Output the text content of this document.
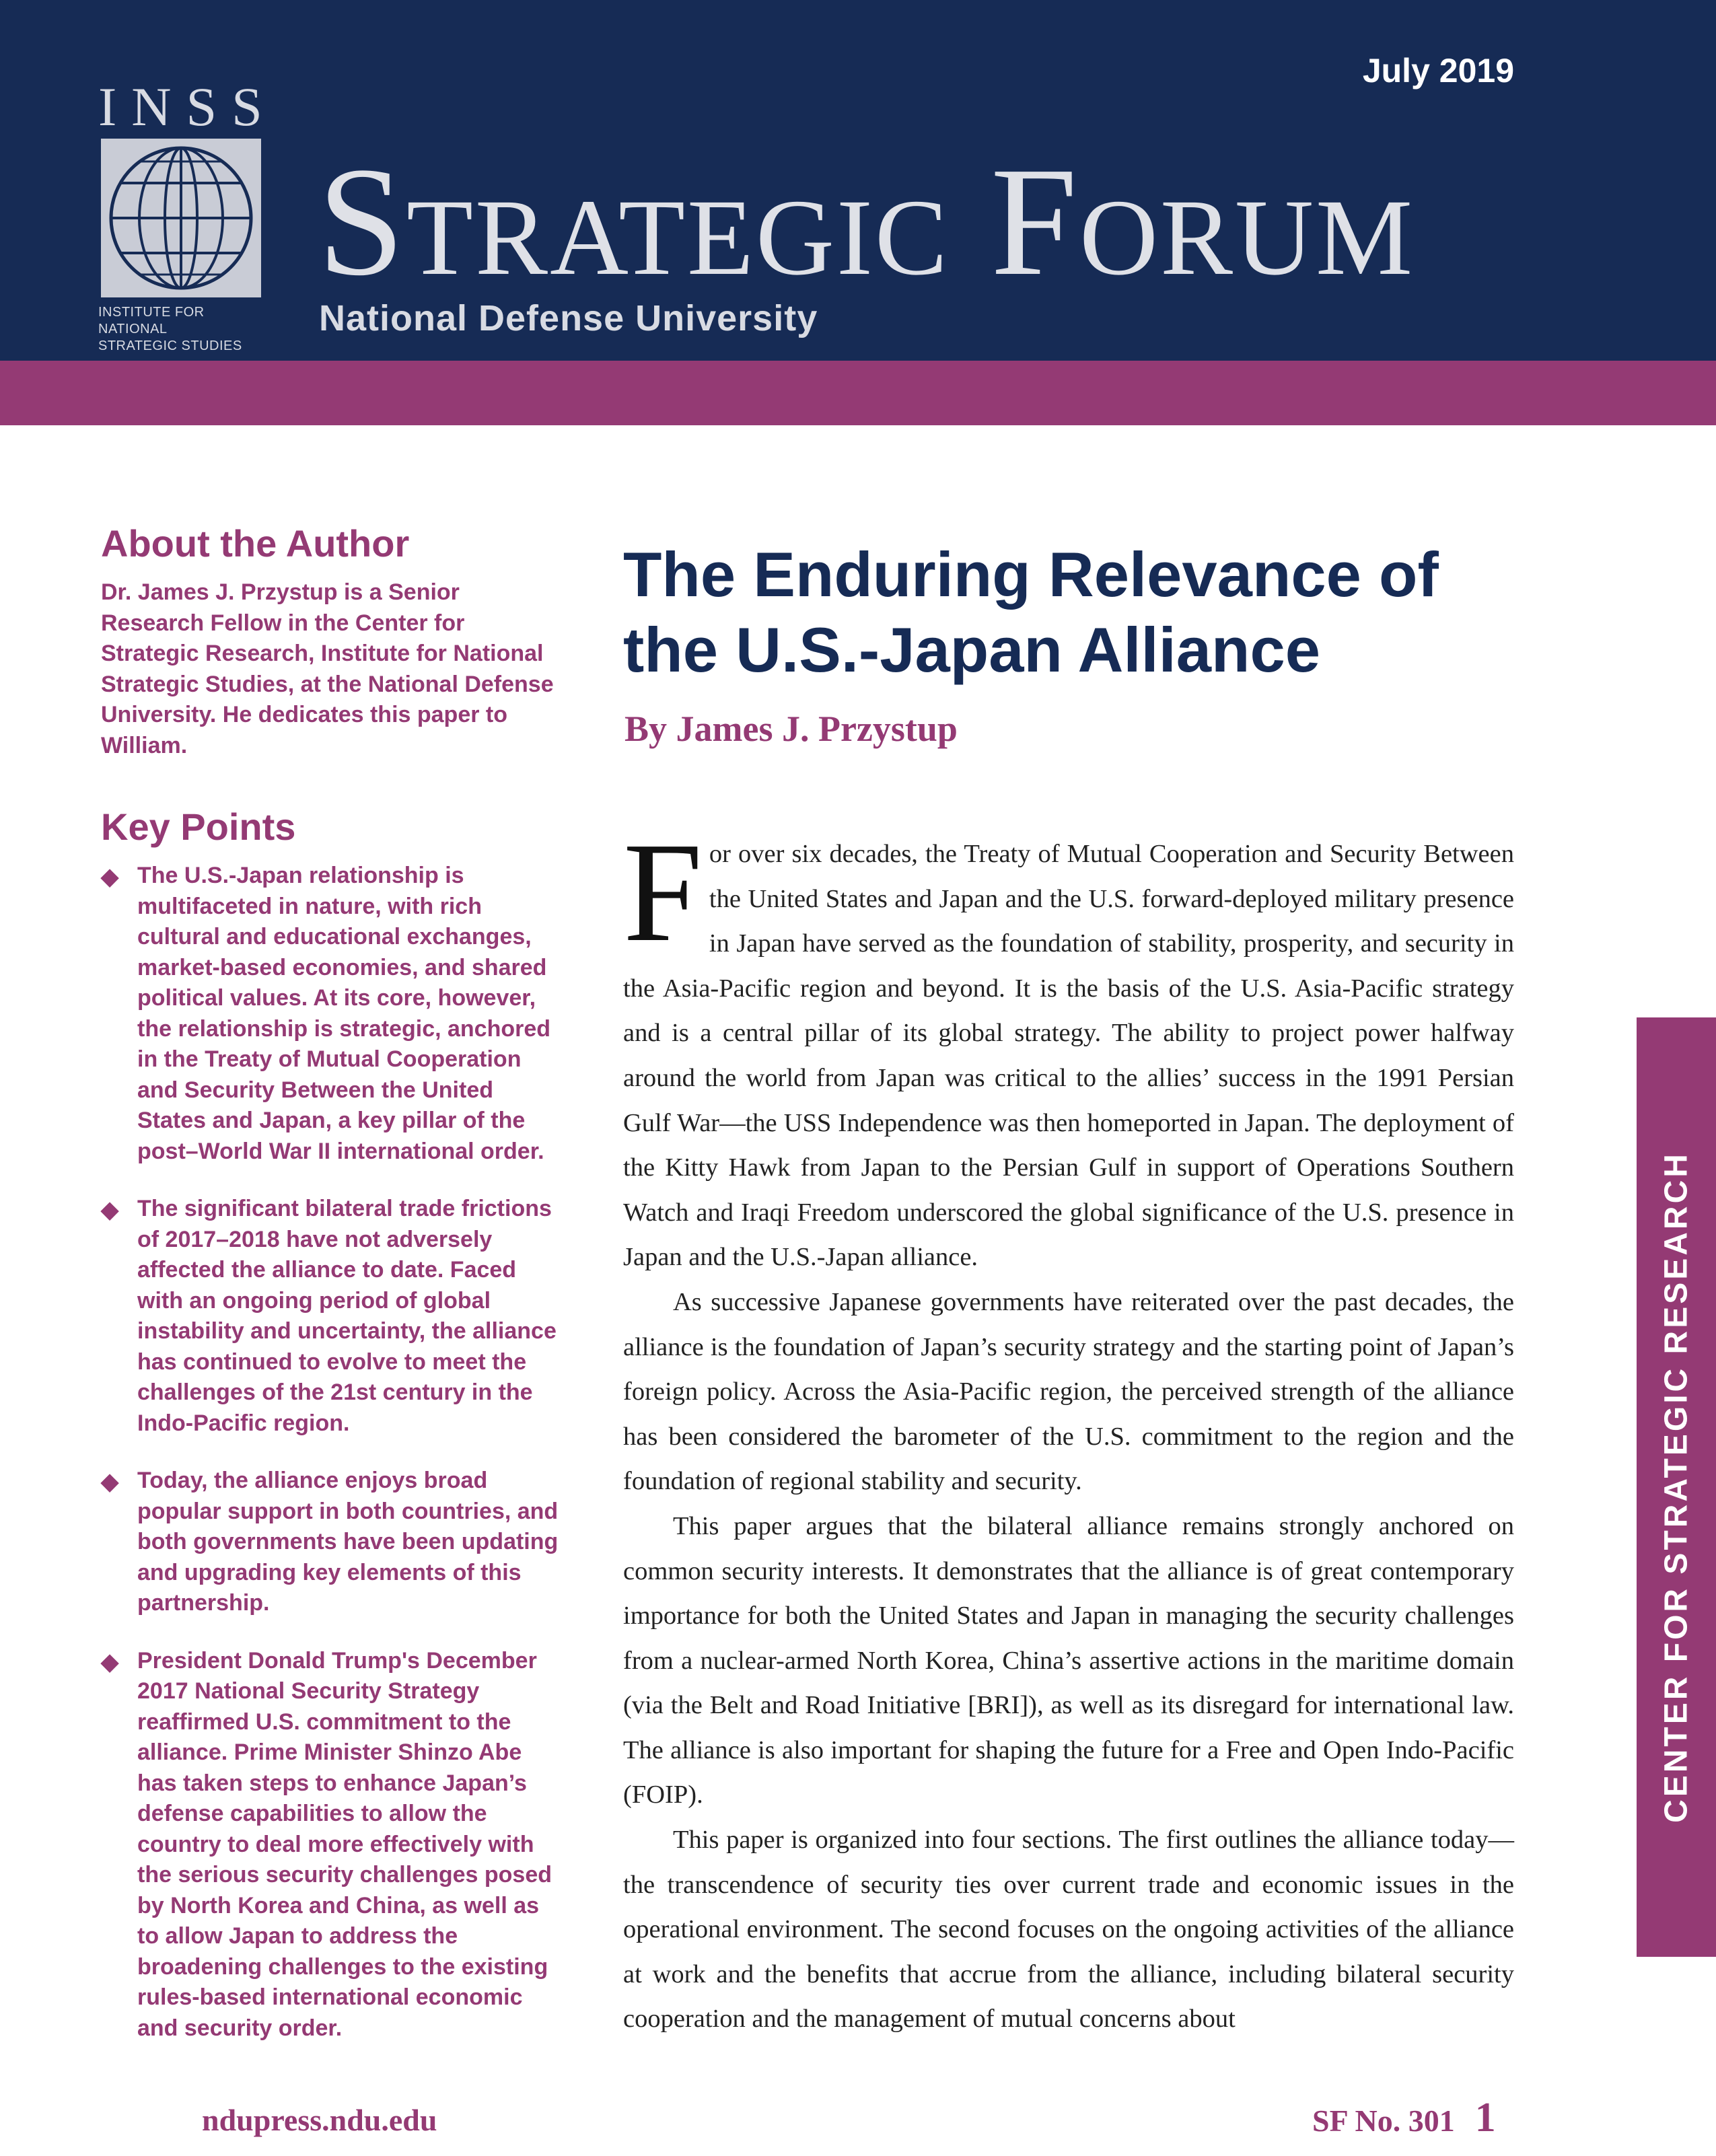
INSS
INSTITUTE FOR NATIONAL
STRATEGIC STUDIES
July 2019
Strategic Forum
National Defense University
About the Author

Dr. James J. Przystup is a Senior Research Fellow in the Center for Strategic Research, Institute for National Strategic Studies, at the National Defense University. He dedicates this paper to William.

Key Points
◆ The U.S.-Japan relationship is multifaceted in nature, with rich cultural and educational exchanges, market-based economies, and shared political values. At its core, however, the relationship is strategic, anchored in the Treaty of Mutual Cooperation and Security Between the United States and Japan, a key pillar of the post–World War II international order.
◆ The significant bilateral trade frictions of 2017–2018 have not adversely affected the alliance to date. Faced with an ongoing period of global instability and uncertainty, the alliance has continued to evolve to meet the challenges of the 21st century in the Indo-Pacific region.
◆ Today, the alliance enjoys broad popular support in both countries, and both governments have been updating and upgrading key elements of this partnership.
◆ President Donald Trump's December 2017 National Security Strategy reaffirmed U.S. commitment to the alliance. Prime Minister Shinzo Abe has taken steps to enhance Japan’s defense capabilities to allow the country to deal more effectively with the serious security challenges posed by North Korea and China, as well as to allow Japan to address the broadening challenges to the existing rules-based international economic and security order.
The Enduring Relevance of the U.S.-Japan Alliance
By James J. Przystup

For over six decades, the Treaty of Mutual Cooperation and Security Between the United States and Japan and the U.S. forward-deployed military presence in Japan have served as the foundation of stability, prosperity, and security in the Asia-Pacific region and beyond. It is the basis of the U.S. Asia-Pacific strategy and is a central pillar of its global strategy. The ability to project power halfway around the world from Japan was critical to the allies’ success in the 1991 Persian Gulf War—the USS Independence was then homeported in Japan. The deployment of the Kitty Hawk from Japan to the Persian Gulf in support of Operations Southern Watch and Iraqi Freedom underscored the global significance of the U.S. presence in Japan and the U.S.-Japan alliance.

As successive Japanese governments have reiterated over the past decades, the alliance is the foundation of Japan’s security strategy and the starting point of Japan’s foreign policy. Across the Asia-Pacific region, the perceived strength of the alliance has been considered the barometer of the U.S. commitment to the region and the foundation of regional stability and security.

This paper argues that the bilateral alliance remains strongly anchored on common security interests. It demonstrates that the alliance is of great contemporary importance for both the United States and Japan in managing the security challenges from a nuclear-armed North Korea, China’s assertive actions in the maritime domain (via the Belt and Road Initiative [BRI]), as well as its disregard for international law. The alliance is also important for shaping the future for a Free and Open Indo-Pacific (FOIP).

This paper is organized into four sections. The first outlines the alliance today—the transcendence of security ties over current trade and economic issues in the operational environment. The second focuses on the ongoing activities of the alliance at work and the benefits that accrue from the alliance, including bilateral security cooperation and the management of mutual concerns about

CENTER FOR STRATEGIC RESEARCH
ndupress.ndu.edu	SF No. 301 1
